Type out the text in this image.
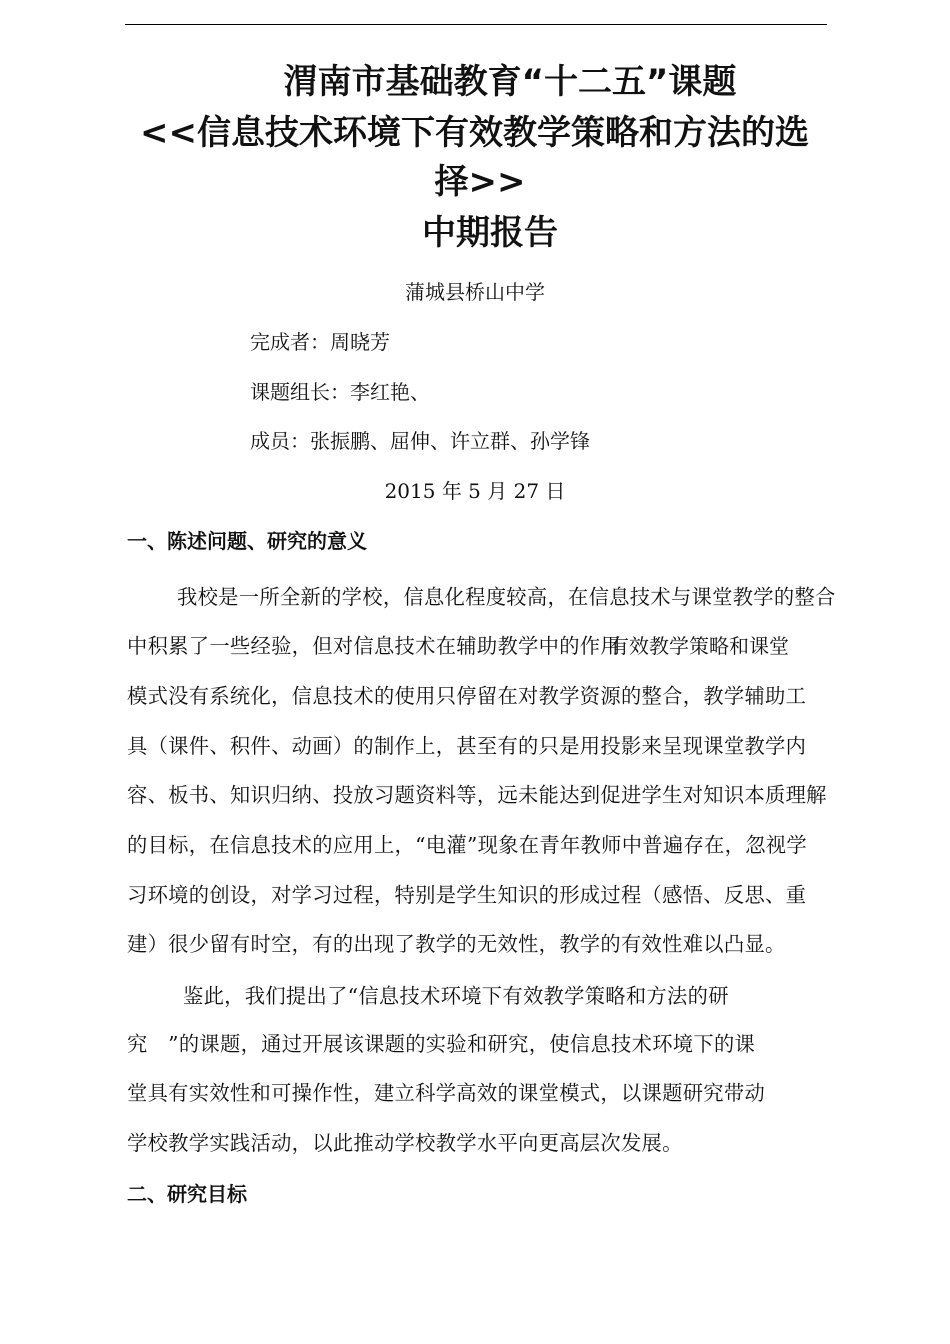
渭南市基础教育“十二五”课题
<<信息技术环境下有效教学策略和方法的选
择>>
中期报告
蒲城县桥山中学
完成者：周晓芳
课题组长：李红艳、
成员：张振鹏、屈伸、许立群、孙学锋
2015 年 5 月 27 日
一、陈述问题、研究的意义
我校是一所全新的学校，信息化程度较高，在信息技术与课堂教学的整合
中积累了一些经验，但对信息技术在辅助教学中的作用
有效教学策略和课堂
模式没有系统化，信息技术的使用只停留在对教学资源的整合，教学辅助工
具（课件、积件、动画）的制作上，甚至有的只是用投影来呈现课堂教学内
容、板书、知识归纳、投放习题资料等，远未能达到促进学生对知识本质理解
的目标，在信息技术的应用上，“电灌”现象在青年教师中普遍存在，忽视学
习环境的创设，对学习过程，特别是学生知识的形成过程（感悟、反思、重
建）很少留有时空，有的出现了教学的无效性，教学的有效性难以凸显。
鉴此，我们提出了“信息技术环境下有效教学策略和方法的研
究　”的课题，通过开展该课题的实验和研究，使信息技术环境下的课
堂具有实效性和可操作性，建立科学高效的课堂模式，以课题研究带动
学校教学实践活动，以此推动学校教学水平向更高层次发展。
二、研究目标
